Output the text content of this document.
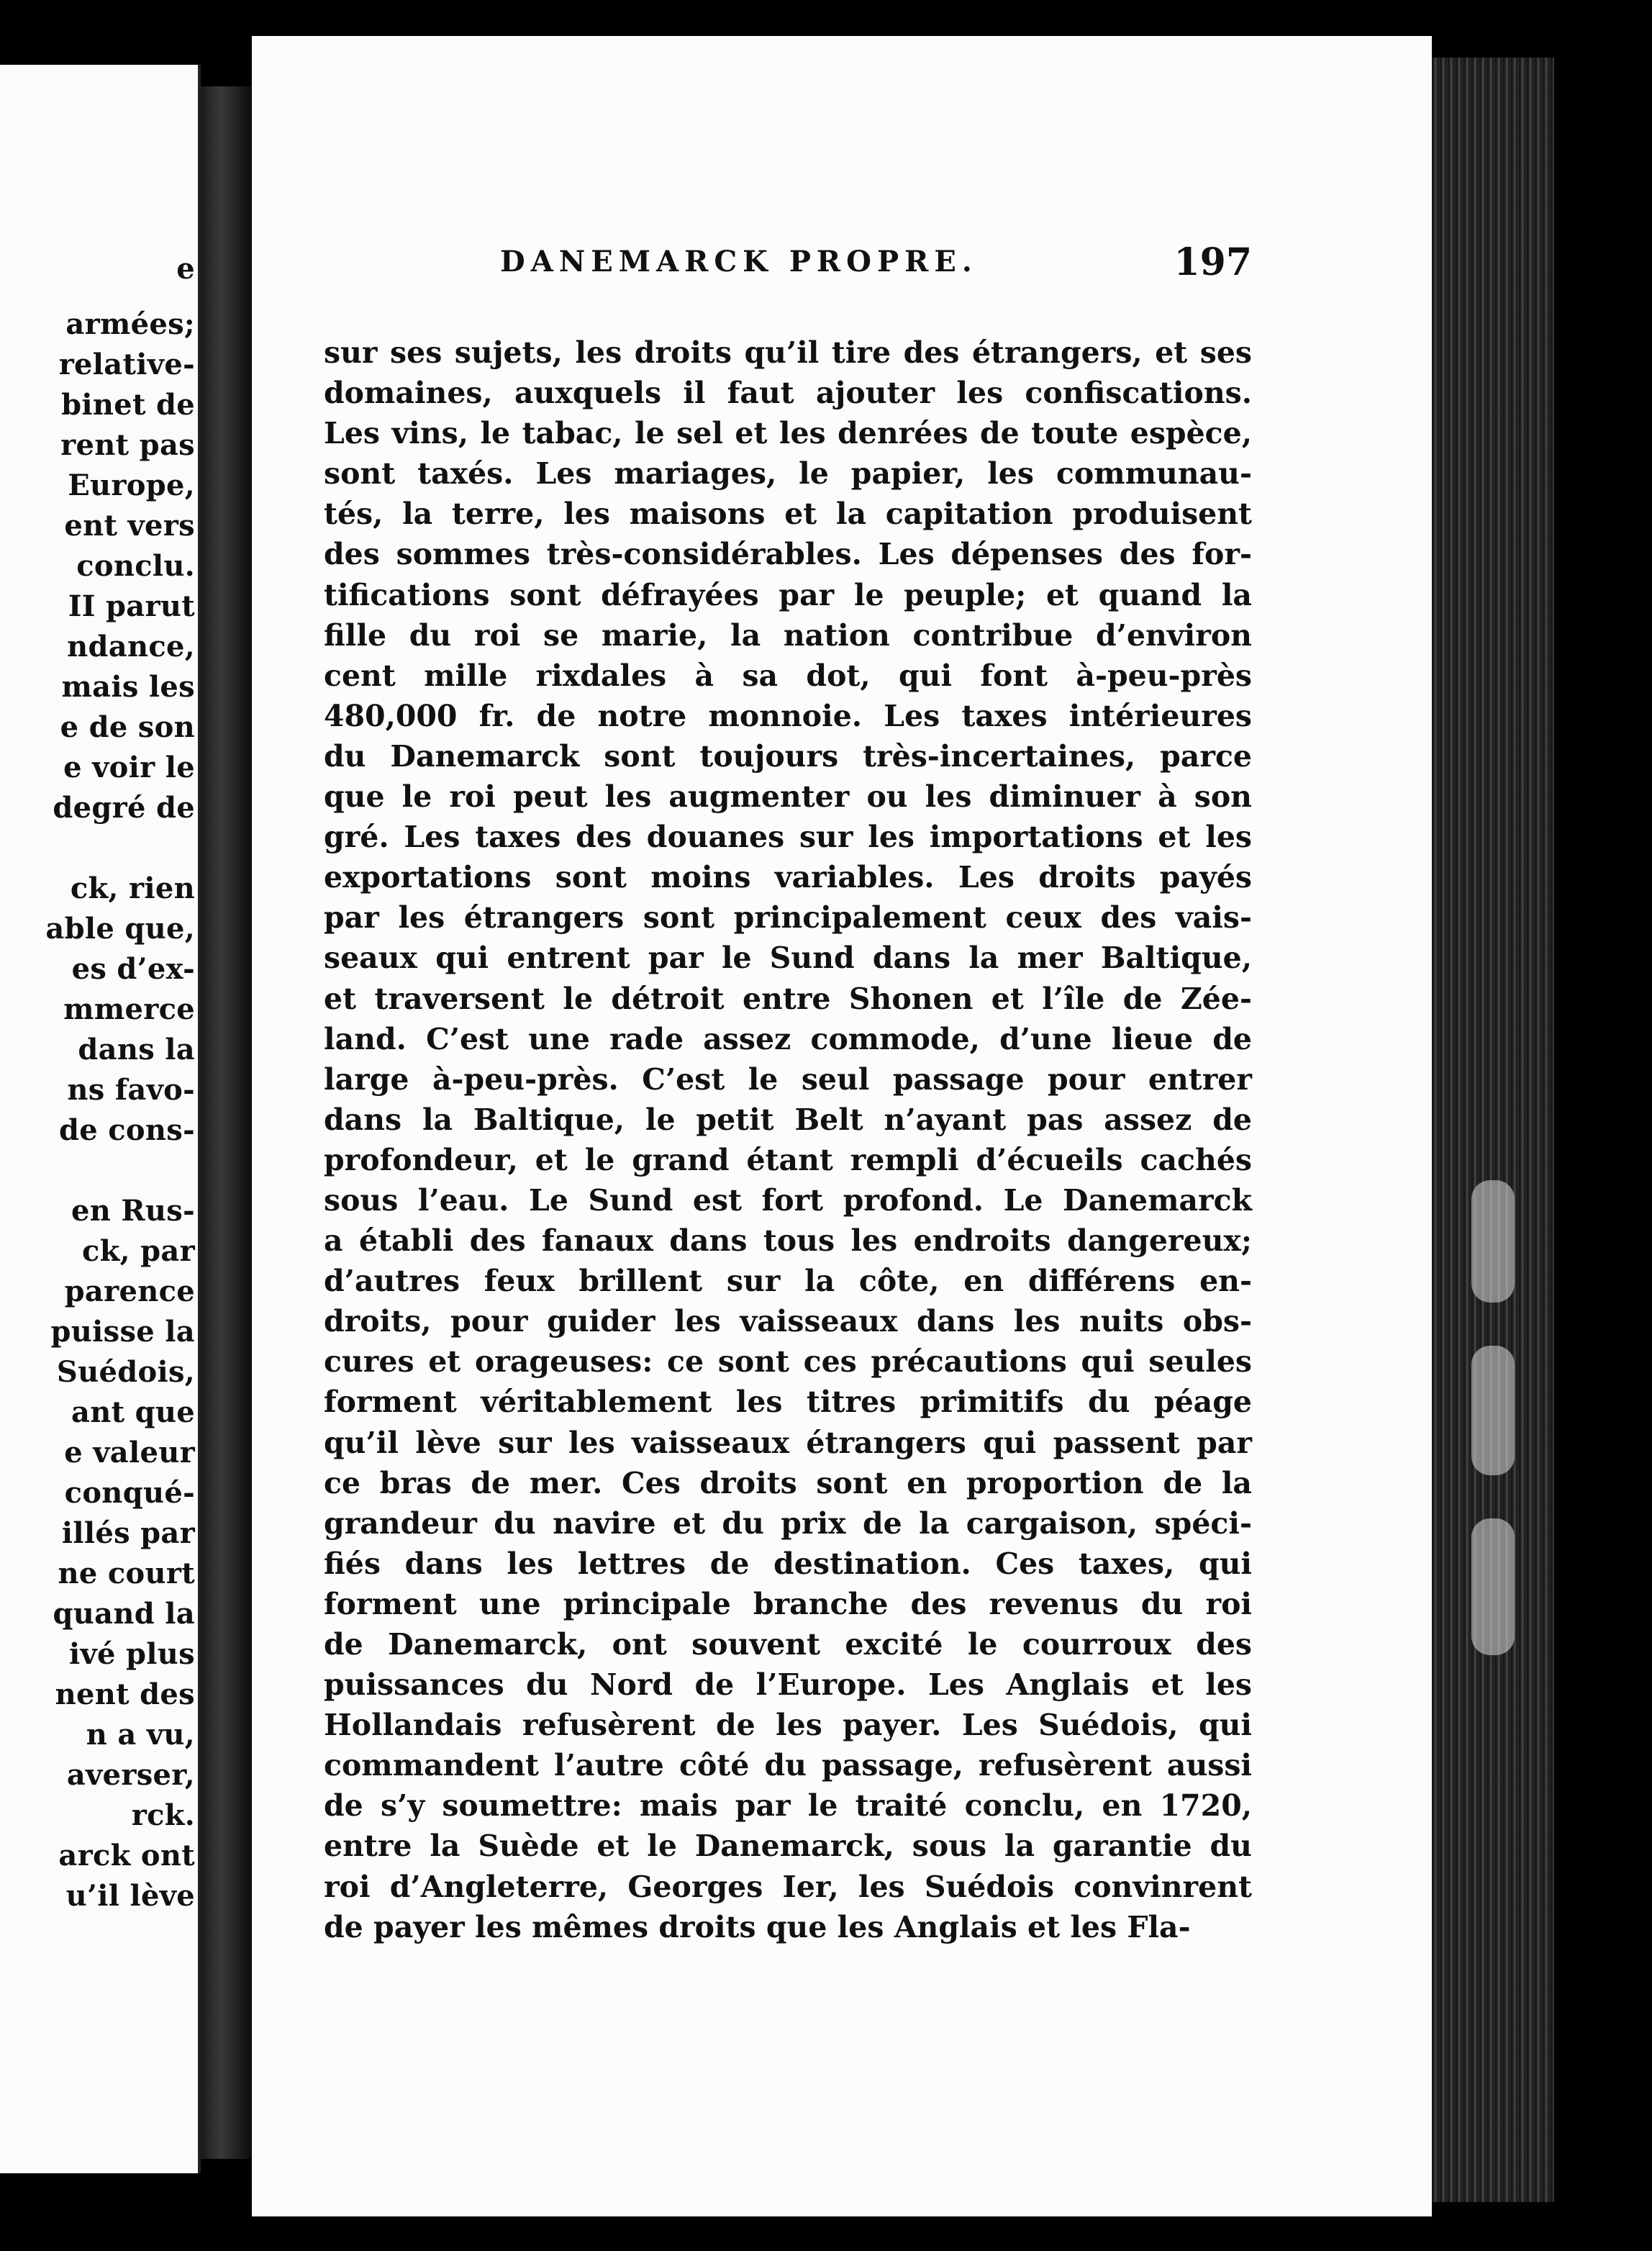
e
armées;
relative-
binet de
rent pas
Europe,
ent vers
conclu.
II parut
ndance,
mais les
e de son
e voir le
degré de
ck, rien
able que,
es d’ex-
mmerce
dans la
ns favo-
de cons-
en Rus-
ck, par
parence
puisse la
Suédois,
ant que
e valeur
conqué-
illés par
ne court
quand la
ivé plus
nent des
n a vu,
averser,
rck.
arck ont
u’il lève
DANEMARCK PROPRE.	197
sur ses sujets, les droits qu’il tire des étrangers, et ses
domaines, auxquels il faut ajouter les confiscations.
Les vins, le tabac, le sel et les denrées de toute espèce,
sont taxés. Les mariages, le papier, les communau-
tés, la terre, les maisons et la capitation produisent
des sommes très-considérables. Les dépenses des for-
tifications sont défrayées par le peuple; et quand la
fille du roi se marie, la nation contribue d’environ
cent mille rixdales à sa dot, qui font à-peu-près
480,000 fr. de notre monnoie. Les taxes intérieures
du Danemarck sont toujours très-incertaines, parce
que le roi peut les augmenter ou les diminuer à son
gré. Les taxes des douanes sur les importations et les
exportations sont moins variables. Les droits payés
par les étrangers sont principalement ceux des vais-
seaux qui entrent par le Sund dans la mer Baltique,
et traversent le détroit entre Shonen et l’île de Zée-
land. C’est une rade assez commode, d’une lieue de
large à-peu-près. C’est le seul passage pour entrer
dans la Baltique, le petit Belt n’ayant pas assez de
profondeur, et le grand étant rempli d’écueils cachés
sous l’eau. Le Sund est fort profond. Le Danemarck
a établi des fanaux dans tous les endroits dangereux;
d’autres feux brillent sur la côte, en différens en-
droits, pour guider les vaisseaux dans les nuits obs-
cures et orageuses: ce sont ces précautions qui seules
forment véritablement les titres primitifs du péage
qu’il lève sur les vaisseaux étrangers qui passent par
ce bras de mer. Ces droits sont en proportion de la
grandeur du navire et du prix de la cargaison, spéci-
fiés dans les lettres de destination. Ces taxes, qui
forment une principale branche des revenus du roi
de Danemarck, ont souvent excité le courroux des
puissances du Nord de l’Europe. Les Anglais et les
Hollandais refusèrent de les payer. Les Suédois, qui
commandent l’autre côté du passage, refusèrent aussi
de s’y soumettre: mais par le traité conclu, en 1720,
entre la Suède et le Danemarck, sous la garantie du
roi d’Angleterre, Georges Ier, les Suédois convinrent
de payer les mêmes droits que les Anglais et les Fla-
